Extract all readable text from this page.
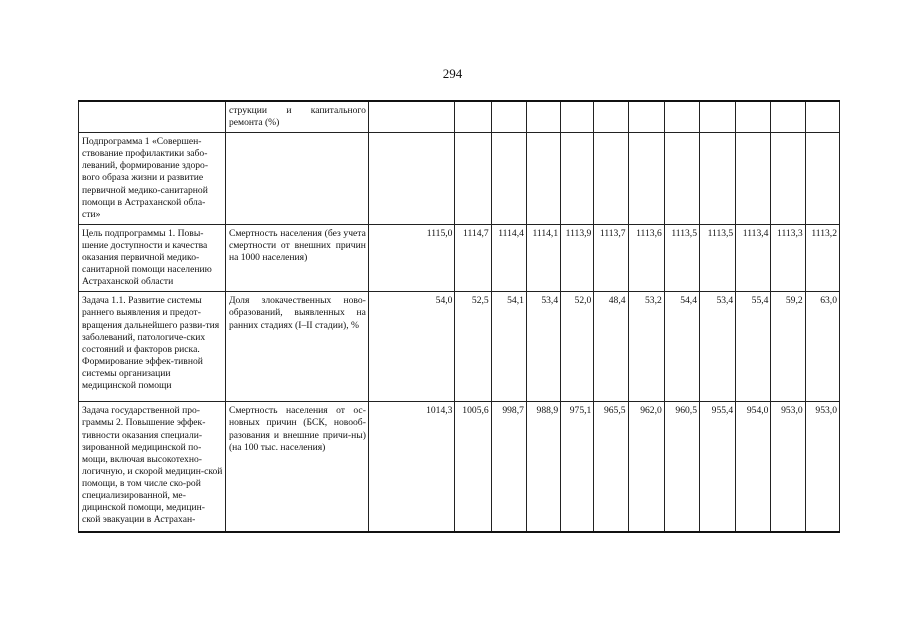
294
	струкции и капитального ремонта (%)												
Подпрограмма 1 «Совершен-ствование профилактики забо-леваний, формирование здоро-вого образа жизни и развитие первичной медико-санитарной помощи в Астраханской обла-сти»													
Цель подпрограммы 1. Повы-шение доступности и качества оказания первичной медико-санитарной помощи населению Астраханской области	Смертность населения (без учета смертности от внешних причин на 1000 населения)	1115,0	1114,7	1114,4	1114,1	1113,9	1113,7	1113,6	1113,5	1113,5	1113,4	1113,3	1113,2
Задача 1.1. Развитие системы раннего выявления и предот-вращения дальнейшего разви-тия заболеваний, патологиче-ских состояний и факторов риска. Формирование эффек-тивной системы организации медицинской помощи	Доля злокачественных ново-образований, выявленных на ранних стадиях (I–II стадии), %	54,0	52,5	54,1	53,4	52,0	48,4	53,2	54,4	53,4	55,4	59,2	63,0
Задача государственной про-граммы 2. Повышение эффек-тивности оказания специали-зированной медицинской по-мощи, включая высокотехно-логичную, и скорой медицин-ской помощи, в том числе ско-рой специализированной, ме-дицинской помощи, медицин-ской эвакуации в Астрахан-	Смертность населения от ос-новных причин (БСК, новооб-разования и внешние причи-ны) (на 100 тыс. населения)	1014,3	1005,6	998,7	988,9	975,1	965,5	962,0	960,5	955,4	954,0	953,0	953,0
